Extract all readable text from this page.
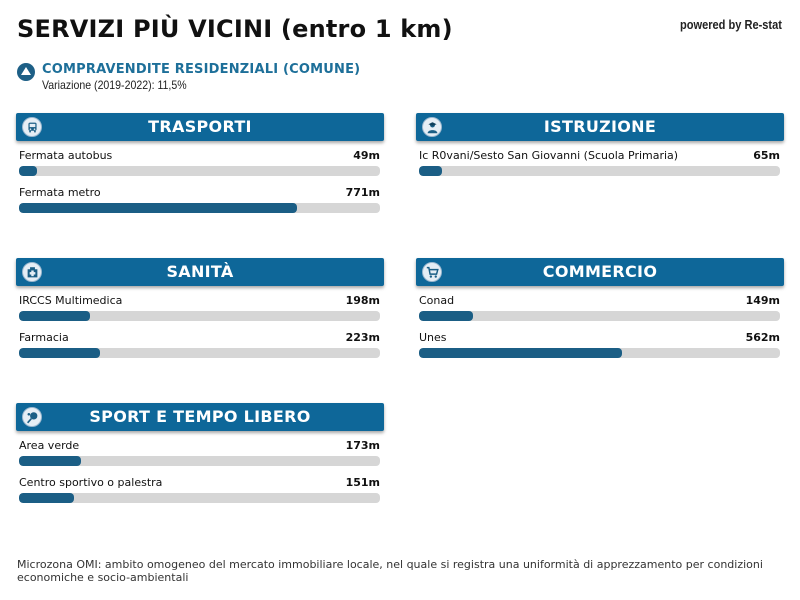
SERVIZI PIÙ VICINI (entro 1 km)	powered by Re-stat
COMPRAVENDITE RESIDENZIALI (COMUNE)
Variazione (2019-2022): 11,5%
TRASPORTI
Fermata autobus	49m
Fermata metro	771m
ISTRUZIONE
Ic R0vani/Sesto San Giovanni (Scuola Primaria)	65m
SANITÀ
IRCCS Multimedica	198m
Farmacia	223m
COMMERCIO
Conad	149m
Unes	562m
SPORT E TEMPO LIBERO
Area verde	173m
Centro sportivo o palestra	151m
Microzona OMI: ambito omogeneo del mercato immobiliare locale, nel quale si registra una uniformità di apprezzamento per condizioni economiche e socio-ambientali
